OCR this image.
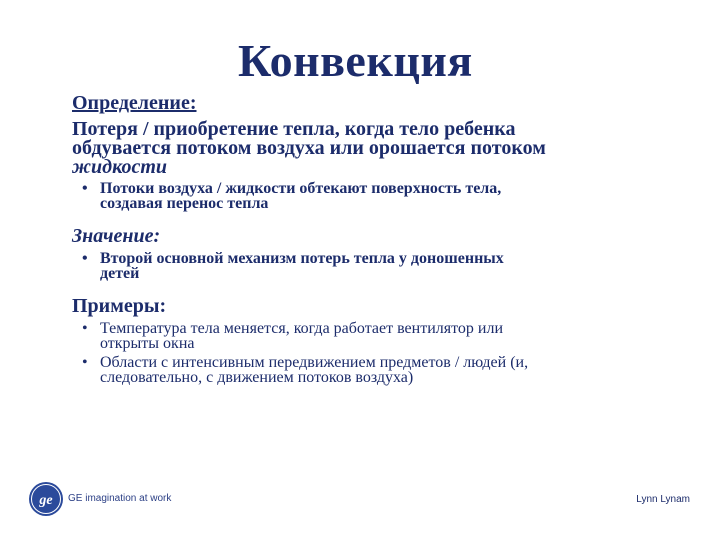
Конвекция

Определение:

Потеря / приобретение тепла, когда тело ребенка
обдувается потоком воздуха или орошается потоком
жидкости

• Потоки воздуха / жидкости обтекают поверхность тела,
создавая перенос тепла

Значение:

• Второй основной механизм потерь тепла у доношенных
детей

Примеры:

• Температура тела меняется, когда работает вентилятор или
открыты окна
• Области с интенсивным передвижением предметов / людей (и,
следовательно, с движением потоков воздуха)
ge GE imagination at work	Lynn Lynam
